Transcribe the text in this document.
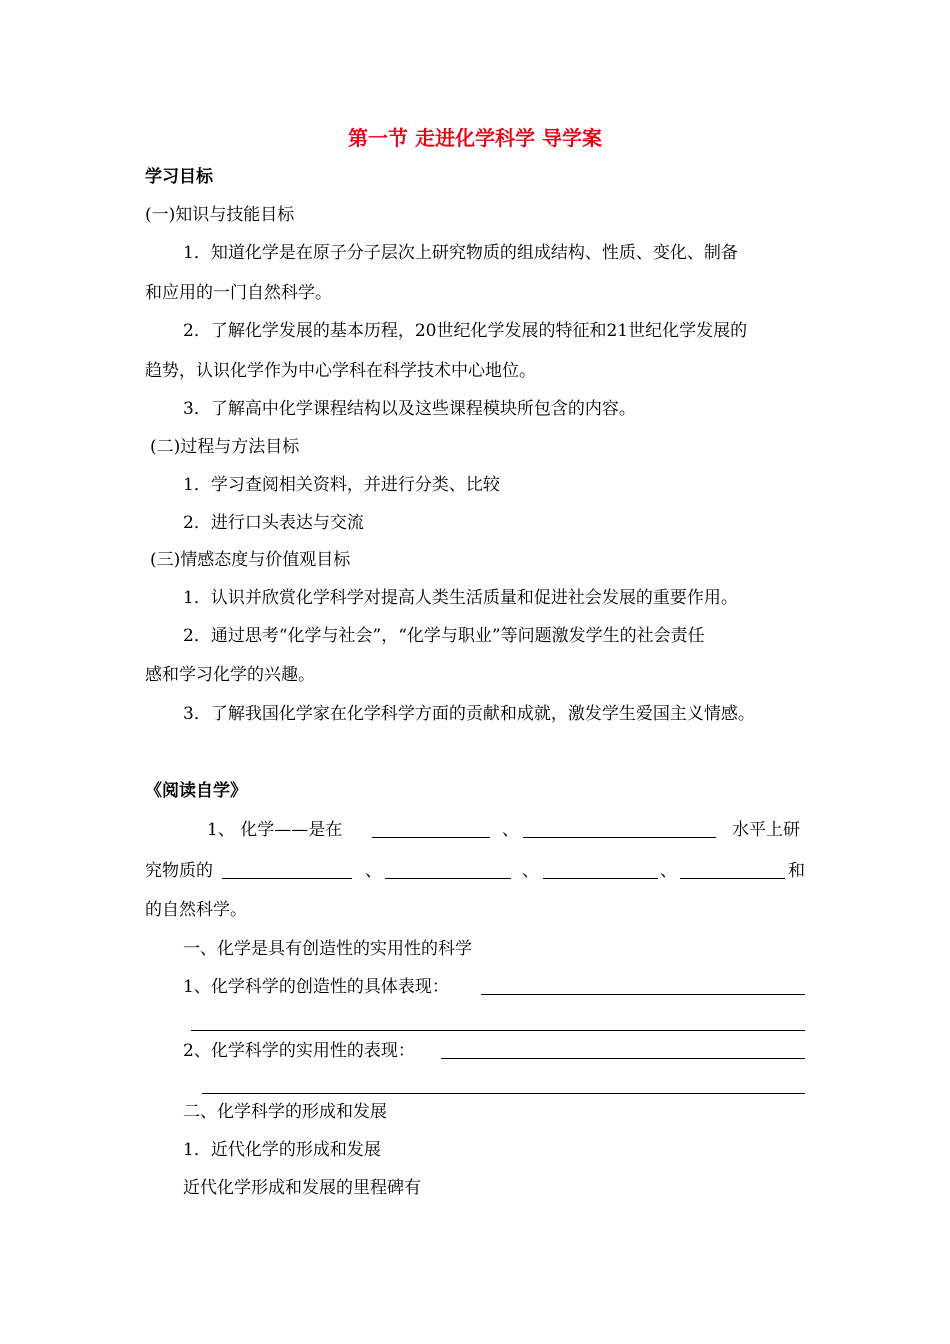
第一节 走进化学科学 导学案
学习目标
(一)知识与技能目标
1．知道化学是在原子分子层次上研究物质的组成结构、性质、变化、制备
和应用的一门自然科学。
2．了解化学发展的基本历程，20世纪化学发展的特征和21世纪化学发展的
趋势，认识化学作为中心学科在科学技术中心地位。
3．了解高中化学课程结构以及这些课程模块所包含的内容。
(二)过程与方法目标
1．学习查阅相关资料，并进行分类、比较
2．进行口头表达与交流
(三)情感态度与价值观目标
1．认识并欣赏化学科学对提高人类生活质量和促进社会发展的重要作用。
2．通过思考“化学与社会”，“化学与职业”等问题激发学生的社会责任
感和学习化学的兴趣。
3．了解我国化学家在化学科学方面的贡献和成就，激发学生爱国主义情感。
《阅读自学》
1、 化学——是在	、	水平上研
究物质的	、	、	、	和
的自然科学。
一、化学是具有创造性的实用性的科学
1、化学科学的创造性的具体表现：
2、化学科学的实用性的表现：
二、化学科学的形成和发展
1．近代化学的形成和发展
近代化学形成和发展的里程碑有
